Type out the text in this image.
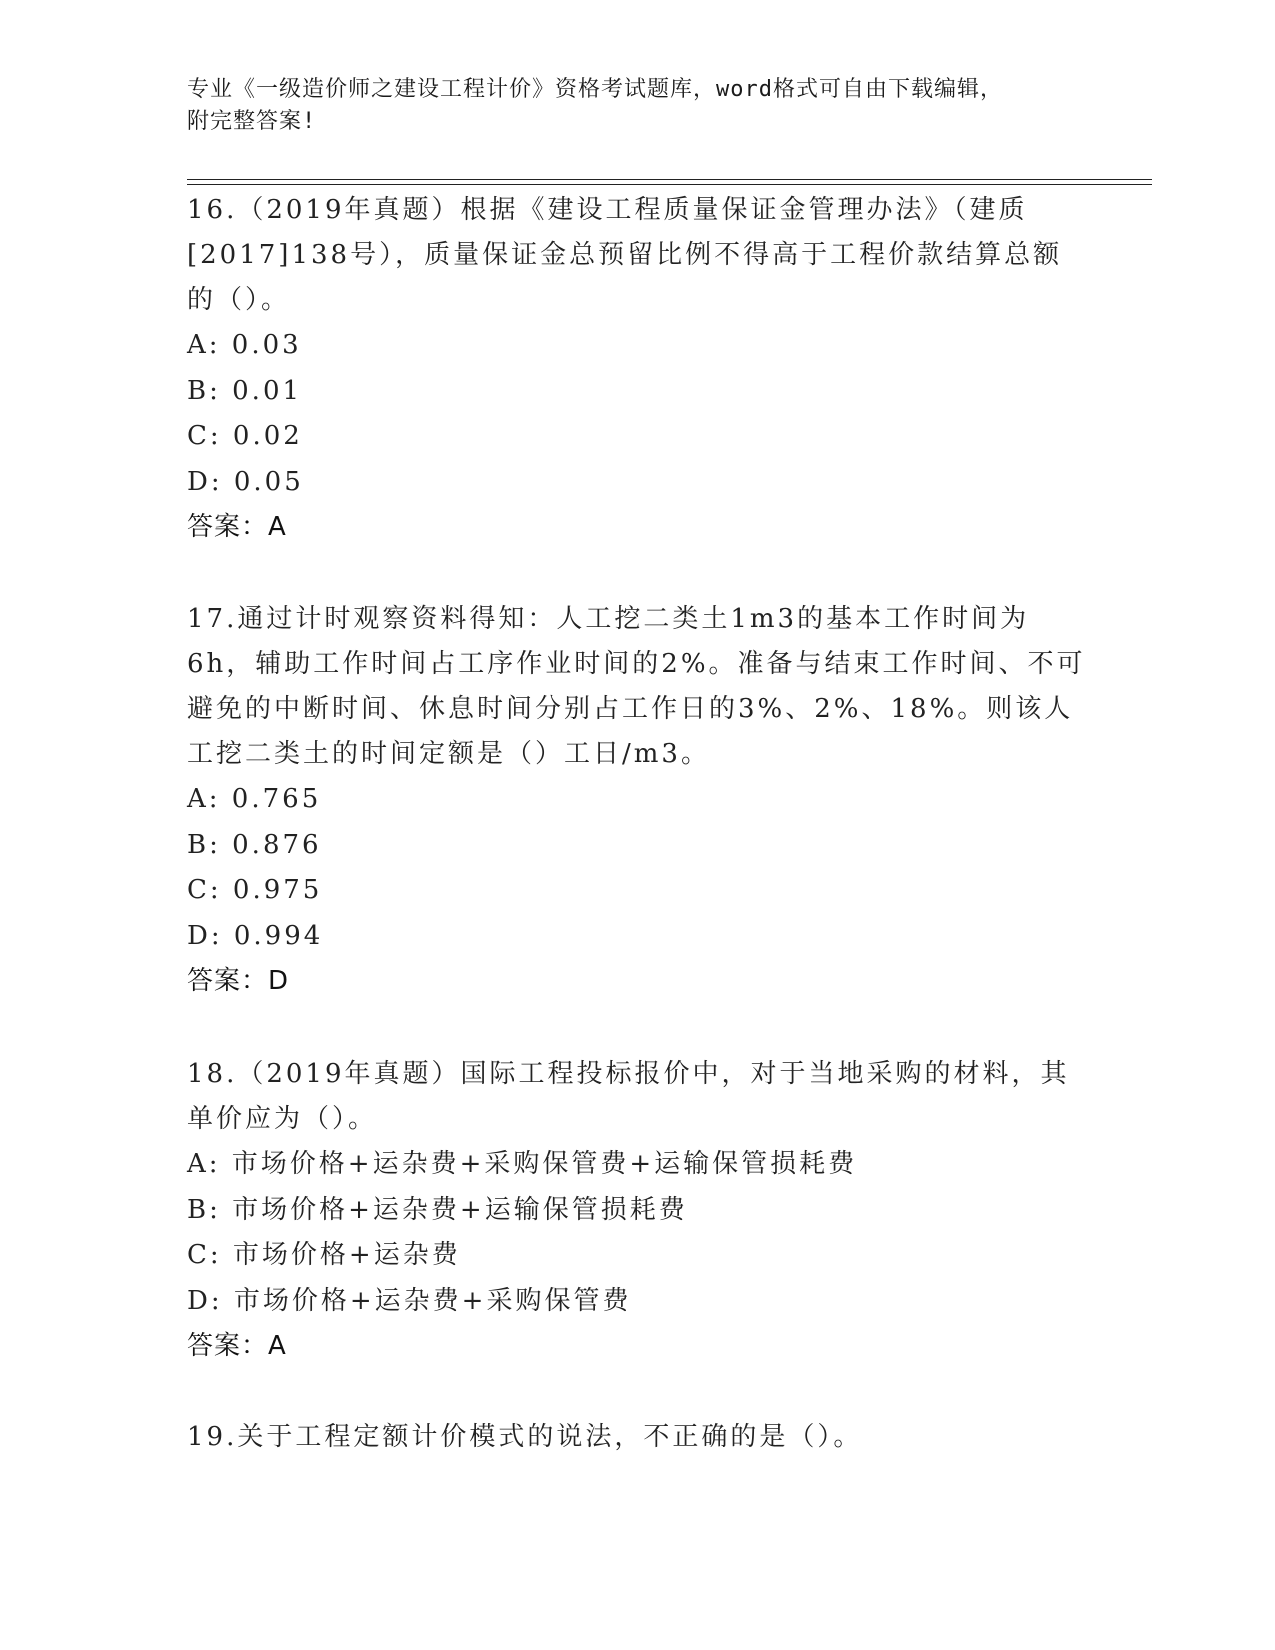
专业《一级造价师之建设工程计价》资格考试题库，word格式可自由下载编辑，
附完整答案!

16.（2019年真题）根据《建设工程质量保证金管理办法》（建质[2017]138号），质量保证金总预留比例不得高于工程价款结算总额的（）。

A: 0.03

B: 0.01

C: 0.02

D: 0.05

答案：A

17.通过计时观察资料得知：人工挖二类土1m3的基本工作时间为6h，辅助工作时间占工序作业时间的2%。准备与结束工作时间、不可避免的中断时间、休息时间分别占工作日的3%、2%、18%。则该人工挖二类土的时间定额是（）工日/m3。

A: 0.765

B: 0.876

C: 0.975

D: 0.994

答案：D

18.（2019年真题）国际工程投标报价中，对于当地采购的材料，其单价应为（）。

A: 市场价格+运杂费+采购保管费+运输保管损耗费

B: 市场价格+运杂费+运输保管损耗费

C: 市场价格+运杂费

D: 市场价格+运杂费+采购保管费

答案：A

19.关于工程定额计价模式的说法，不正确的是（）。
